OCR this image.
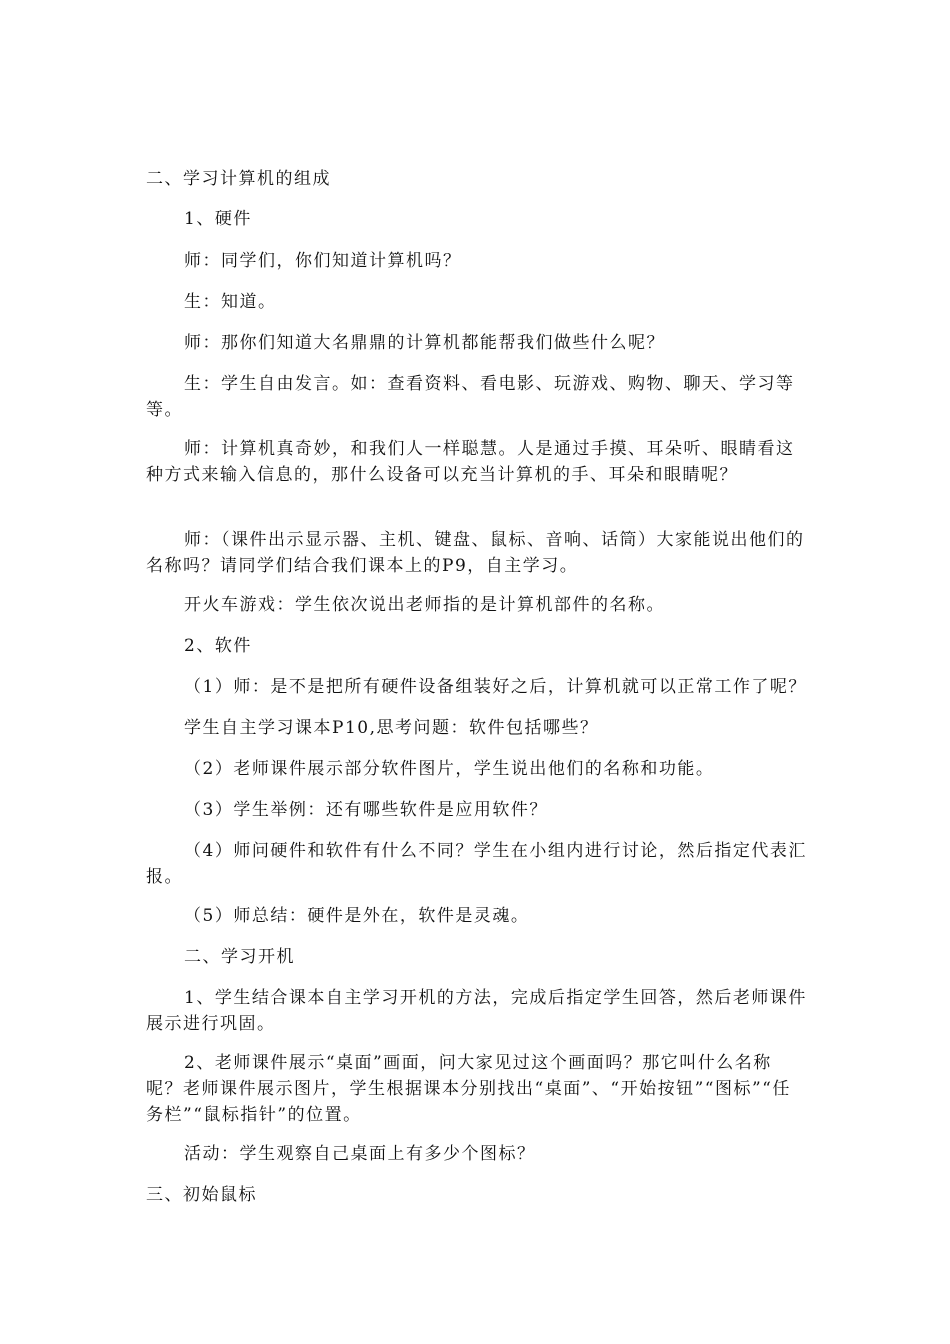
二、学习计算机的组成
1、硬件
师：同学们，你们知道计算机吗？
生：知道。
师：那你们知道大名鼎鼎的计算机都能帮我们做些什么呢？
生：学生自由发言。如：查看资料、看电影、玩游戏、购物、聊天、学习等等。
师：计算机真奇妙，和我们人一样聪慧。人是通过手摸、耳朵听、眼睛看这种方式来输入信息的，那什么设备可以充当计算机的手、耳朵和眼睛呢？
师：（课件出示显示器、主机、键盘、鼠标、音响、话筒）大家能说出他们的名称吗？请同学们结合我们课本上的P9，自主学习。
开火车游戏：学生依次说出老师指的是计算机部件的名称。
2、软件
（1）师：是不是把所有硬件设备组装好之后，计算机就可以正常工作了呢？
学生自主学习课本P10,思考问题：软件包括哪些？
（2）老师课件展示部分软件图片，学生说出他们的名称和功能。
（3）学生举例：还有哪些软件是应用软件？
（4）师问硬件和软件有什么不同？学生在小组内进行讨论，然后指定代表汇报。
（5）师总结：硬件是外在，软件是灵魂。
二、学习开机
1、学生结合课本自主学习开机的方法，完成后指定学生回答，然后老师课件展示进行巩固。
2、老师课件展示“桌面”画面，问大家见过这个画面吗？那它叫什么名称呢？老师课件展示图片，学生根据课本分别找出“桌面”、“开始按钮”“图标”“任务栏”“鼠标指针”的位置。
活动：学生观察自己桌面上有多少个图标？
三、初始鼠标
